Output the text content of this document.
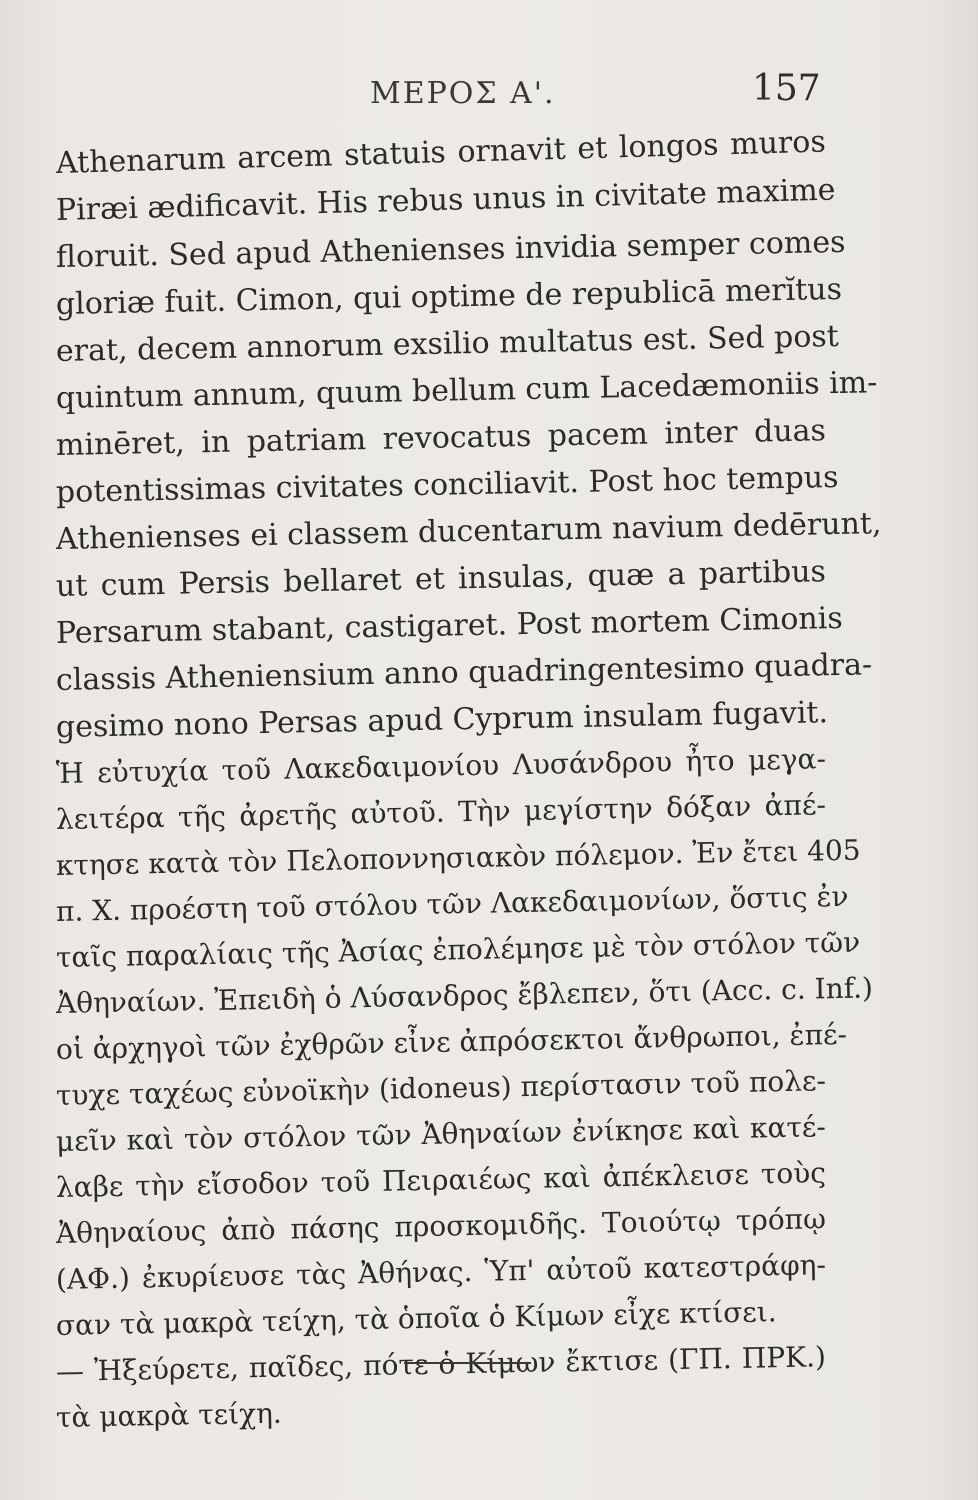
ΜΕΡΟΣ Α'.	157
Athenarum arcem statuis ornavit et longos muros
Piræi ædificavit. His rebus unus in civitate maxime
floruit. Sed apud Athenienses invidia semper comes
gloriæ fuit. Cimon, qui optime de republicā merĭtus
erat, decem annorum exsilio multatus est. Sed post
quintum annum, quum bellum cum Lacedæmoniis im-
minēret, in patriam revocatus pacem inter duas
potentissimas civitates conciliavit. Post hoc tempus
Athenienses ei classem ducentarum navium dedērunt,
ut cum Persis bellaret et insulas, quæ a partibus
Persarum stabant, castigaret. Post mortem Cimonis
classis Atheniensium anno quadringentesimo quadra-
gesimo nono Persas apud Cyprum insulam fugavit.
Ἡ εὐτυχία τοῦ Λακεδαιμονίου Λυσάνδρου ἦτο μεγα-
λειτέρα τῆς ἀρετῆς αὐτοῦ. Τὴν μεγίστην δόξαν ἀπέ-
κτησε κατὰ τὸν Πελοποννησιακὸν πόλεμον. Ἐν ἔτει 405
π. Χ. προέστη τοῦ στόλου τῶν Λακεδαιμονίων, ὅστις ἐν
ταῖς παραλίαις τῆς Ἀσίας ἐπολέμησε μὲ τὸν στόλον τῶν
Ἀθηναίων. Ἐπειδὴ ὁ Λύσανδρος ἔβλεπεν, ὅτι (Acc. c. Inf.)
οἱ ἀρχηγοὶ τῶν ἐχθρῶν εἶνε ἀπρόσεκτοι ἄνθρωποι, ἐπέ-
τυχε ταχέως εὐνοϊκὴν (idoneus) περίστασιν τοῦ πολε-
μεῖν καὶ τὸν στόλον τῶν Ἀθηναίων ἐνίκησε καὶ κατέ-
λαβε τὴν εἴσοδον τοῦ Πειραιέως καὶ ἀπέκλεισε τοὺς
Ἀθηναίους ἀπὸ πάσης προσκομιδῆς. Τοιούτῳ τρόπῳ
(ΑΦ.) ἐκυρίευσε τὰς Ἀθήνας. Ὑπ' αὐτοῦ κατεστράφη-
σαν τὰ μακρὰ τείχη, τὰ ὁποῖα ὁ Κίμων εἶχε κτίσει.
— Ἠξεύρετε, παῖδες, πότε ὁ Κίμων ἔκτισε (ΓΠ. ΠΡΚ.)
τὰ μακρὰ τείχη.
